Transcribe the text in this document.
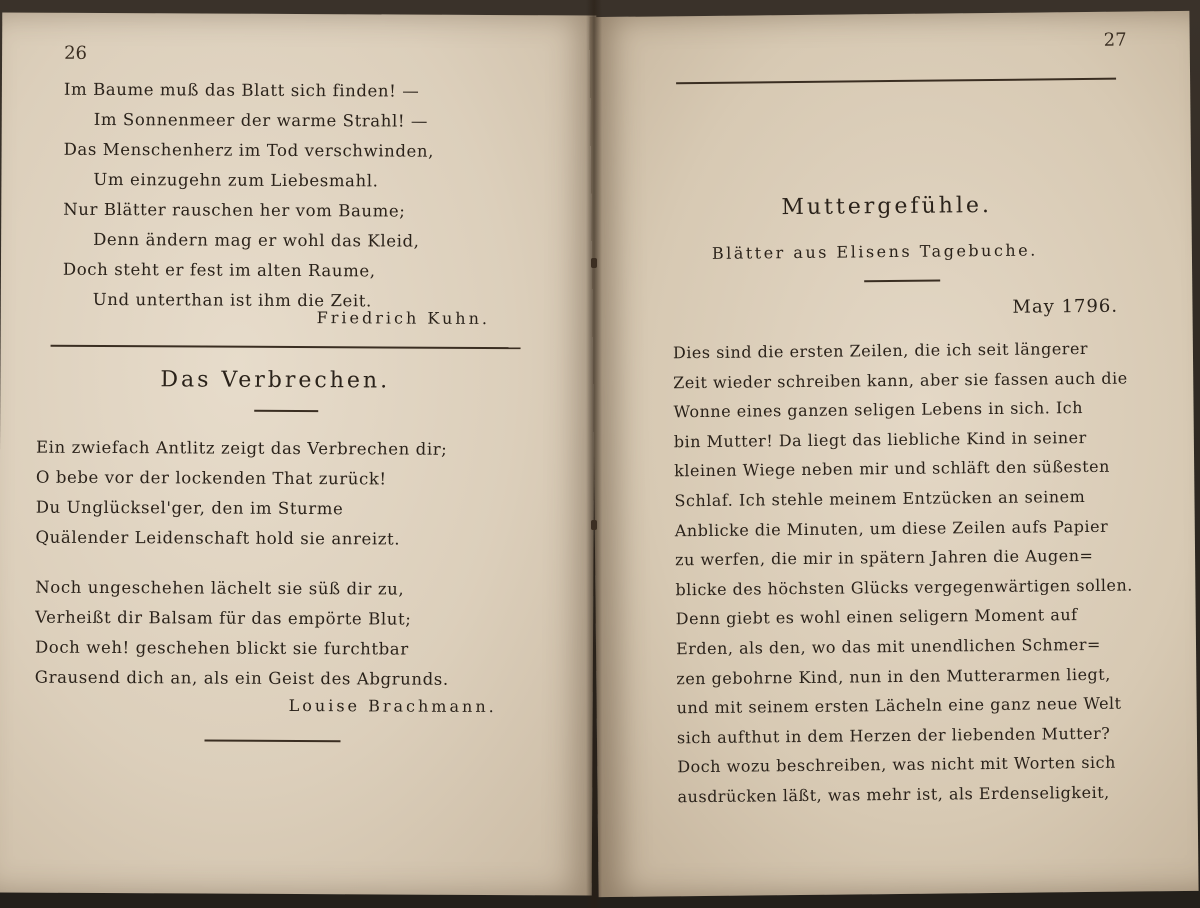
26
Im Baume muß das Blatt sich finden! —
Im Sonnenmeer der warme Strahl! —
Das Menschenherz im Tod verschwinden,
Um einzugehn zum Liebesmahl.
Nur Blätter rauschen her vom Baume;
Denn ändern mag er wohl das Kleid,
Doch steht er fest im alten Raume,
Und unterthan ist ihm die Zeit.
Friedrich Kuhn.
Das Verbrechen.
Ein zwiefach Antlitz zeigt das Verbrechen dir;
O bebe vor der lockenden That zurück!
Du Unglücksel'ger, den im Sturme
Quälender Leidenschaft hold sie anreizt.
Noch ungeschehen lächelt sie süß dir zu,
Verheißt dir Balsam für das empörte Blut;
Doch weh! geschehen blickt sie furchtbar
Grausend dich an, als ein Geist des Abgrunds.
Louise Brachmann.
27
Muttergefühle.
Blätter aus Elisens Tagebuche.
May 1796.
Dies sind die ersten Zeilen, die ich seit längerer
Zeit wieder schreiben kann, aber sie fassen auch die
Wonne eines ganzen seligen Lebens in sich. Ich
bin Mutter! Da liegt das liebliche Kind in seiner
kleinen Wiege neben mir und schläft den süßesten
Schlaf. Ich stehle meinem Entzücken an seinem
Anblicke die Minuten, um diese Zeilen aufs Papier
zu werfen, die mir in spätern Jahren die Augen=
blicke des höchsten Glücks vergegenwärtigen sollen.
Denn giebt es wohl einen seligern Moment auf
Erden, als den, wo das mit unendlichen Schmer=
zen gebohrne Kind, nun in den Mutterarmen liegt,
und mit seinem ersten Lächeln eine ganz neue Welt
sich aufthut in dem Herzen der liebenden Mutter?
Doch wozu beschreiben, was nicht mit Worten sich
ausdrücken läßt, was mehr ist, als Erdenseligkeit,
